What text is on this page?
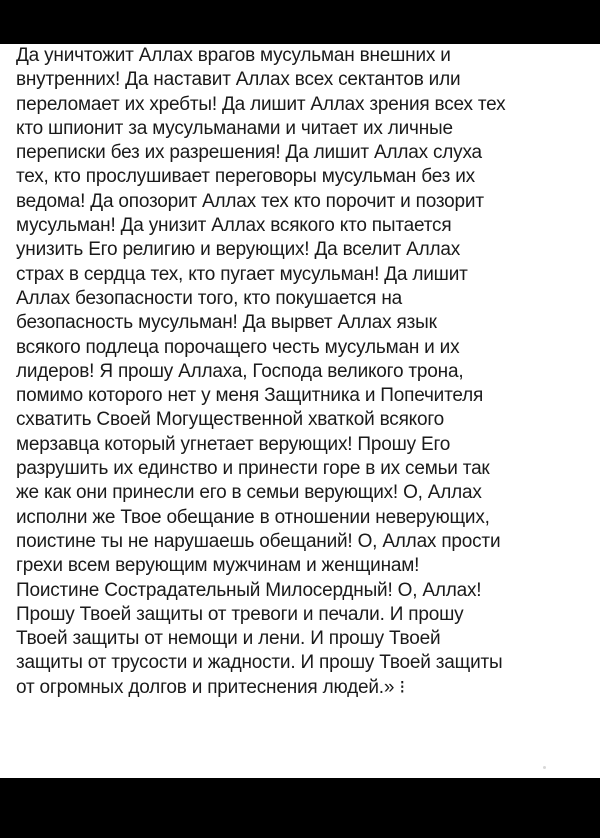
Да уничтожит Аллах врагов мусульман внешних и
внутренних! Да наставит Аллах всех сектантов или
переломает их хребты! Да лишит Аллах зрения всех тех
кто шпионит за мусульманами и читает их личные
переписки без их разрешения! Да лишит Аллах слуха
тех, кто прослушивает переговоры мусульман без их
ведома! Да опозорит Аллах тех кто порочит и позорит
мусульман! Да унизит Аллах всякого кто пытается
унизить Его религию и верующих! Да вселит Аллах
страх в сердца тех, кто пугает мусульман! Да лишит
Аллах безопасности того, кто покушается на
безопасность мусульман! Да вырвет Аллах язык
всякого подлеца порочащего честь мусульман и их
лидеров! Я прошу Аллаха, Господа великого трона,
помимо которого нет у меня Защитника и Попечителя
схватить Своей Могущественной хваткой всякого
мерзавца который угнетает верующих! Прошу Его
разрушить их единство и принести горе в их семьи так
же как они принесли его в семьи верующих! О, Аллах
исполни же Твое обещание в отношении неверующих,
поистине ты не нарушаешь обещаний! О, Аллах прости
грехи всем верующим мужчинам и женщинам!
Поистине Сострадательный Милосердный! О, Аллах!
Прошу Твоей защиты от тревоги и печали. И прошу
Твоей защиты от немощи и лени. И прошу Твоей
защиты от трусости и жадности. И прошу Твоей защиты
от огромных долгов и притеснения людей.» ⁝
